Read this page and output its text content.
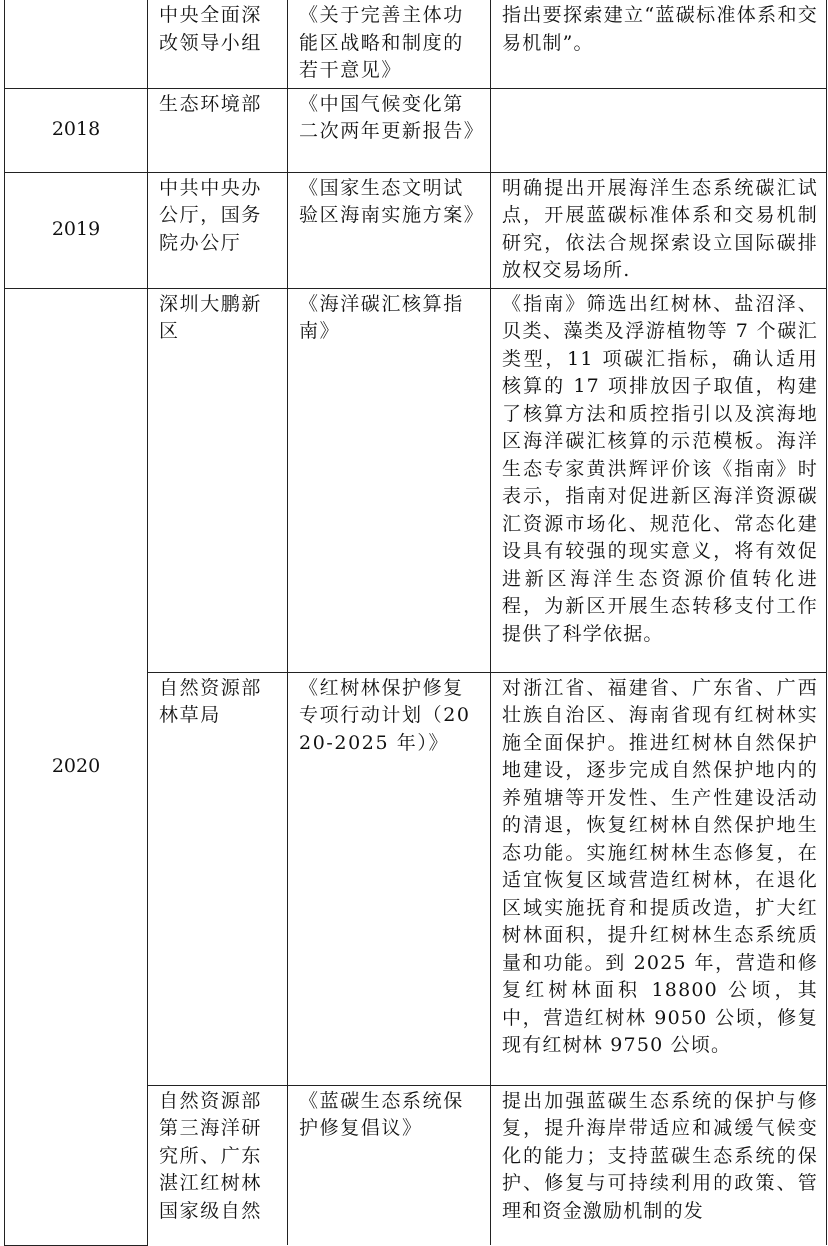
	中央全面深改领导小组	《关于完善主体功能区战略和制度的若干意见》	指出要探索建立“蓝碳标准体系和交易机制”。
2018	生态环境部	《中国气候变化第二次两年更新报告》	
2019	中共中央办公厅，国务院办公厅	《国家生态文明试验区海南实施方案》	明确提出开展海洋生态系统碳汇试点，开展蓝碳标准体系和交易机制研究，依法合规探索设立国际碳排放权交易场所.
2020	深圳大鹏新区	《海洋碳汇核算指南》	《指南》筛选出红树林、盐沼泽、贝类、藻类及浮游植物等 7 个碳汇类型，11 项碳汇指标，确认适用核算的 17 项排放因子取值，构建了核算方法和质控指引以及滨海地区海洋碳汇核算的示范模板。海洋生态专家黄洪辉评价该《指南》时表示，指南对促进新区海洋资源碳汇资源市场化、规范化、常态化建设具有较强的现实意义，将有效促进新区海洋生态资源价值转化进程，为新区开展生态转移支付工作提供了科学依据。
	自然资源部林草局	《红树林保护修复专项行动计划（2020-2025 年）》	对浙江省、福建省、广东省、广西壮族自治区、海南省现有红树林实施全面保护。推进红树林自然保护地建设，逐步完成自然保护地内的养殖塘等开发性、生产性建设活动的清退，恢复红树林自然保护地生态功能。实施红树林生态修复，在适宜恢复区域营造红树林，在退化区域实施抚育和提质改造，扩大红树林面积，提升红树林生态系统质量和功能。到 2025 年，营造和修复红树林面积 18800 公顷，其中，营造红树林 9050 公顷，修复现有红树林 9750 公顷。
	自然资源部第三海洋研究所、广东湛江红树林国家级自然	《蓝碳生态系统保护修复倡议》	提出加强蓝碳生态系统的保护与修复，提升海岸带适应和减缓气候变化的能力；支持蓝碳生态系统的保护、修复与可持续利用的政策、管理和资金激励机制的发
